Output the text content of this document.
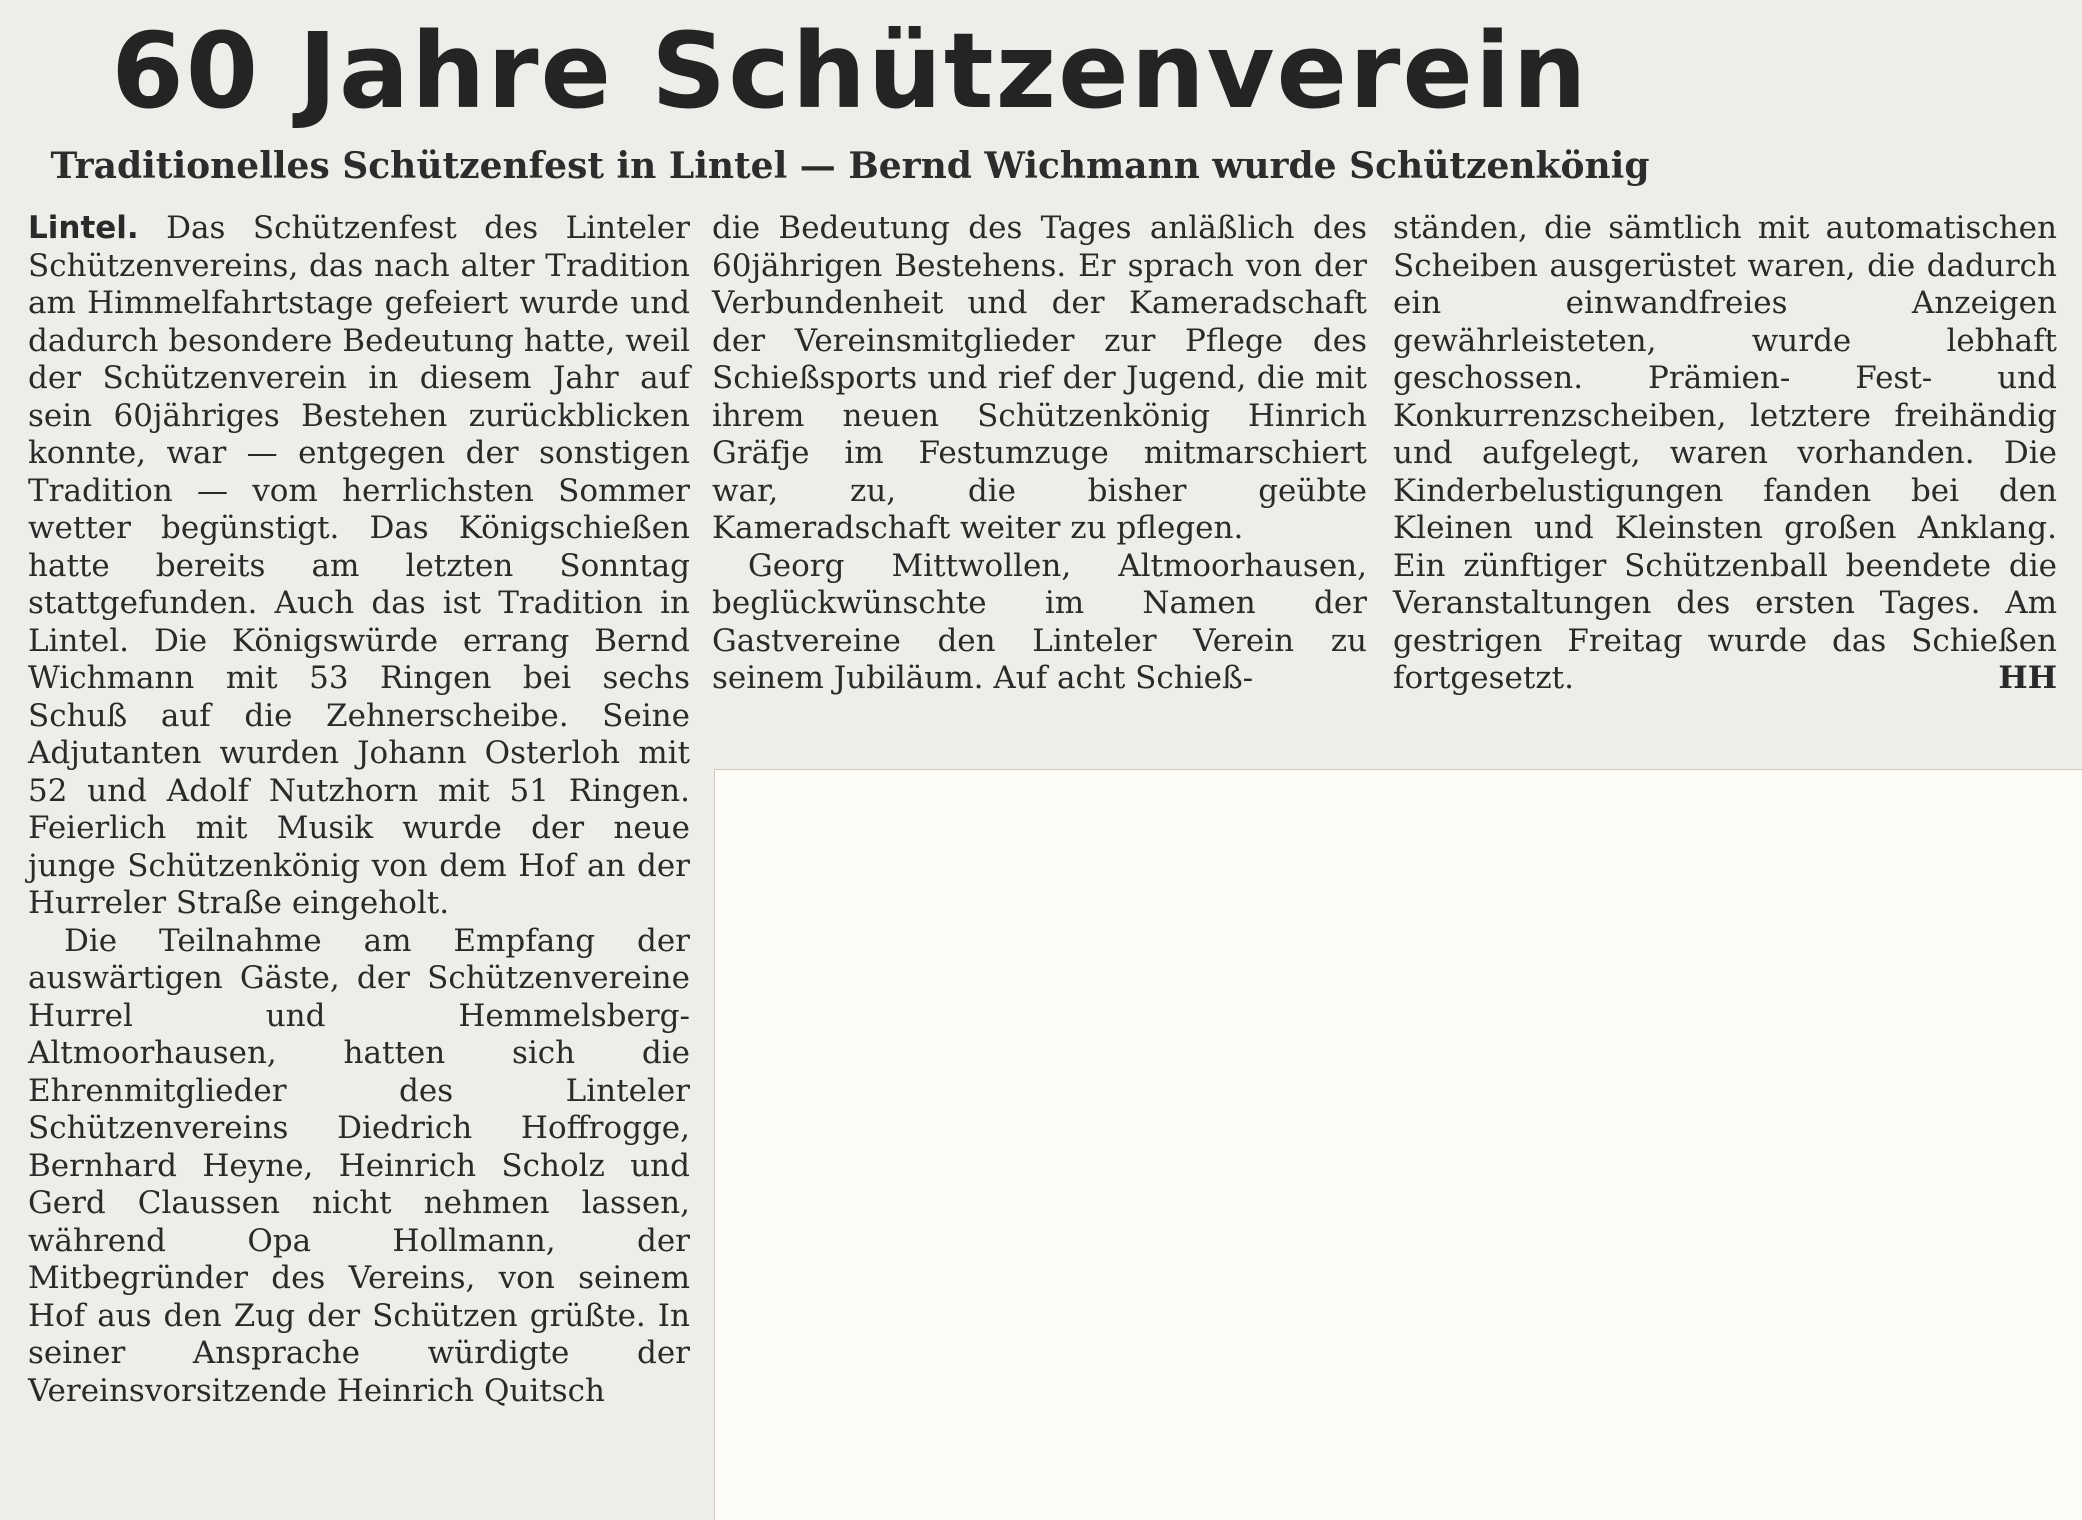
60 Jahre Schützenverein
Traditionelles Schützenfest in Lintel — Bernd Wichmann wurde Schützenkönig

Lintel. Das Schützenfest des Linteler Schützenvereins, das nach alter Tradition am Himmelfahrtstage gefeiert wurde und dadurch besondere Bedeutung hatte, weil der Schützenverein in diesem Jahr auf sein 60jähriges Bestehen zurückblicken konnte, war — entgegen der sonstigen Tradition — vom herrlichsten Sommer wetter begünstigt. Das Königschießen hatte bereits am letzten Sonntag stattgefunden. Auch das ist Tradition in Lintel. Die Königswürde errang Bernd Wichmann mit 53 Ringen bei sechs Schuß auf die Zehnerscheibe. Seine Adjutanten wurden Johann Osterloh mit 52 und Adolf Nutzhorn mit 51 Ringen. Feierlich mit Musik wurde der neue junge Schützenkönig von dem Hof an der Hurreler Straße eingeholt.

Die Teilnahme am Empfang der auswärtigen Gäste, der Schützenvereine Hurrel und Hemmelsberg-Altmoorhausen, hatten sich die Ehrenmitglieder des Linteler Schützenvereins Diedrich Hoffrogge, Bernhard Heyne, Heinrich Scholz und Gerd Claussen nicht nehmen lassen, während Opa Hollmann, der Mitbegründer des Vereins, von seinem Hof aus den Zug der Schützen grüßte. In seiner Ansprache würdigte der Vereinsvorsitzende Heinrich Quitsch

die Bedeutung des Tages anläßlich des 60jährigen Bestehens. Er sprach von der Verbundenheit und der Kameradschaft der Vereinsmitglieder zur Pflege des Schießsports und rief der Jugend, die mit ihrem neuen Schützenkönig Hinrich Gräfje im Festumzuge mitmarschiert war, zu, die bisher geübte Kameradschaft weiter zu pflegen.

Georg Mittwollen, Altmoorhausen, beglückwünschte im Namen der Gastvereine den Linteler Verein zu seinem Jubiläum. Auf acht Schieß-

ständen, die sämtlich mit automatischen Scheiben ausgerüstet waren, die dadurch ein einwandfreies Anzeigen gewährleisteten, wurde lebhaft geschossen. Prämien- Fest- und Konkurrenzscheiben, letztere freihändig und aufgelegt, waren vorhanden. Die Kinderbelustigungen fanden bei den Kleinen und Kleinsten großen Anklang. Ein zünftiger Schützenball beendete die Veranstaltungen des ersten Tages. Am gestrigen Freitag wurde das Schießen fortgesetzt.	HH
